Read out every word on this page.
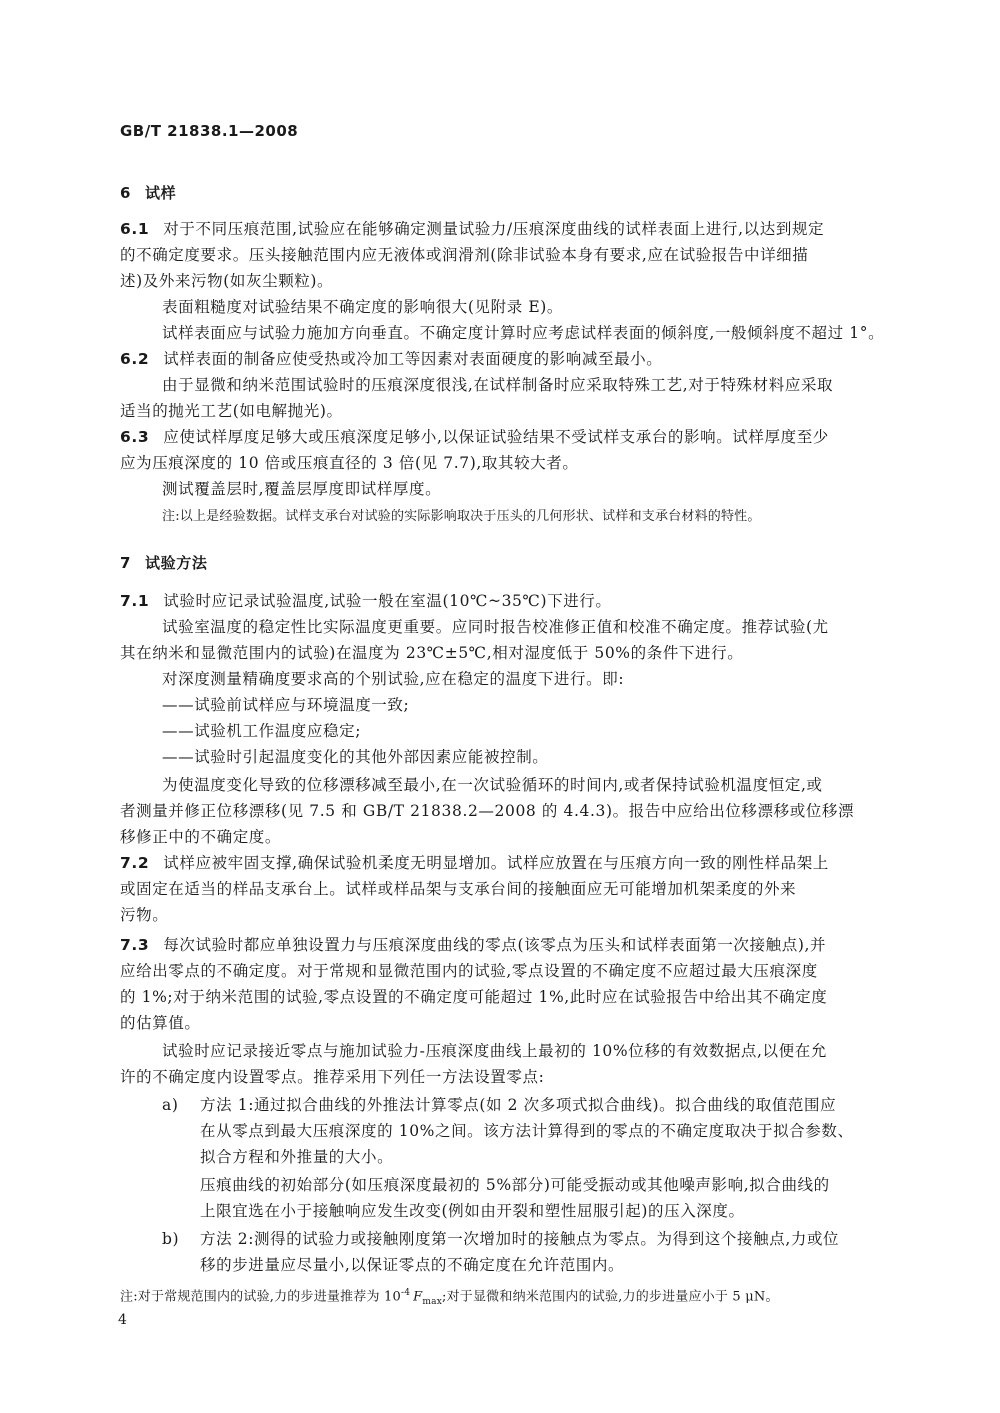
GB/T 21838.1—2008
6 试样
6.1 对于不同压痕范围,试验应在能够确定测量试验力/压痕深度曲线的试样表面上进行,以达到规定
的不确定度要求。压头接触范围内应无液体或润滑剂(除非试验本身有要求,应在试验报告中详细描
述)及外来污物(如灰尘颗粒)。
表面粗糙度对试验结果不确定度的影响很大(见附录 E)。
试样表面应与试验力施加方向垂直。不确定度计算时应考虑试样表面的倾斜度,一般倾斜度不超过 1°。
6.2 试样表面的制备应使受热或冷加工等因素对表面硬度的影响减至最小。
由于显微和纳米范围试验时的压痕深度很浅,在试样制备时应采取特殊工艺,对于特殊材料应采取
适当的抛光工艺(如电解抛光)。
6.3 应使试样厚度足够大或压痕深度足够小,以保证试验结果不受试样支承台的影响。试样厚度至少
应为压痕深度的 10 倍或压痕直径的 3 倍(见 7.7),取其较大者。
测试覆盖层时,覆盖层厚度即试样厚度。
注:以上是经验数据。试样支承台对试验的实际影响取决于压头的几何形状、试样和支承台材料的特性。
7 试验方法
7.1 试验时应记录试验温度,试验一般在室温(10℃~35℃)下进行。
试验室温度的稳定性比实际温度更重要。应同时报告校准修正值和校准不确定度。推荐试验(尤
其在纳米和显微范围内的试验)在温度为 23℃±5℃,相对湿度低于 50%的条件下进行。
对深度测量精确度要求高的个别试验,应在稳定的温度下进行。即:
——试验前试样应与环境温度一致;
——试验机工作温度应稳定;
——试验时引起温度变化的其他外部因素应能被控制。
为使温度变化导致的位移漂移减至最小,在一次试验循环的时间内,或者保持试验机温度恒定,或
者测量并修正位移漂移(见 7.5 和 GB/T 21838.2—2008 的 4.4.3)。报告中应给出位移漂移或位移漂
移修正中的不确定度。
7.2 试样应被牢固支撑,确保试验机柔度无明显增加。试样应放置在与压痕方向一致的刚性样品架上
或固定在适当的样品支承台上。试样或样品架与支承台间的接触面应无可能增加机架柔度的外来
污物。
7.3 每次试验时都应单独设置力与压痕深度曲线的零点(该零点为压头和试样表面第一次接触点),并
应给出零点的不确定度。对于常规和显微范围内的试验,零点设置的不确定度不应超过最大压痕深度
的 1%;对于纳米范围的试验,零点设置的不确定度可能超过 1%,此时应在试验报告中给出其不确定度
的估算值。
试验时应记录接近零点与施加试验力-压痕深度曲线上最初的 10%位移的有效数据点,以便在允
许的不确定度内设置零点。推荐采用下列任一方法设置零点:
a) 方法 1:通过拟合曲线的外推法计算零点(如 2 次多项式拟合曲线)。拟合曲线的取值范围应
在从零点到最大压痕深度的 10%之间。该方法计算得到的零点的不确定度取决于拟合参数、
拟合方程和外推量的大小。
压痕曲线的初始部分(如压痕深度最初的 5%部分)可能受振动或其他噪声影响,拟合曲线的
上限宜选在小于接触响应发生改变(例如由开裂和塑性屈服引起)的压入深度。
b) 方法 2:测得的试验力或接触刚度第一次增加时的接触点为零点。为得到这个接触点,力或位
移的步进量应尽量小,以保证零点的不确定度在允许范围内。
注:对于常规范围内的试验,力的步进量推荐为 $10^{-4}$ $F_{max}$;对于显微和纳米范围内的试验,力的步进量应小于 5 μN。
4
